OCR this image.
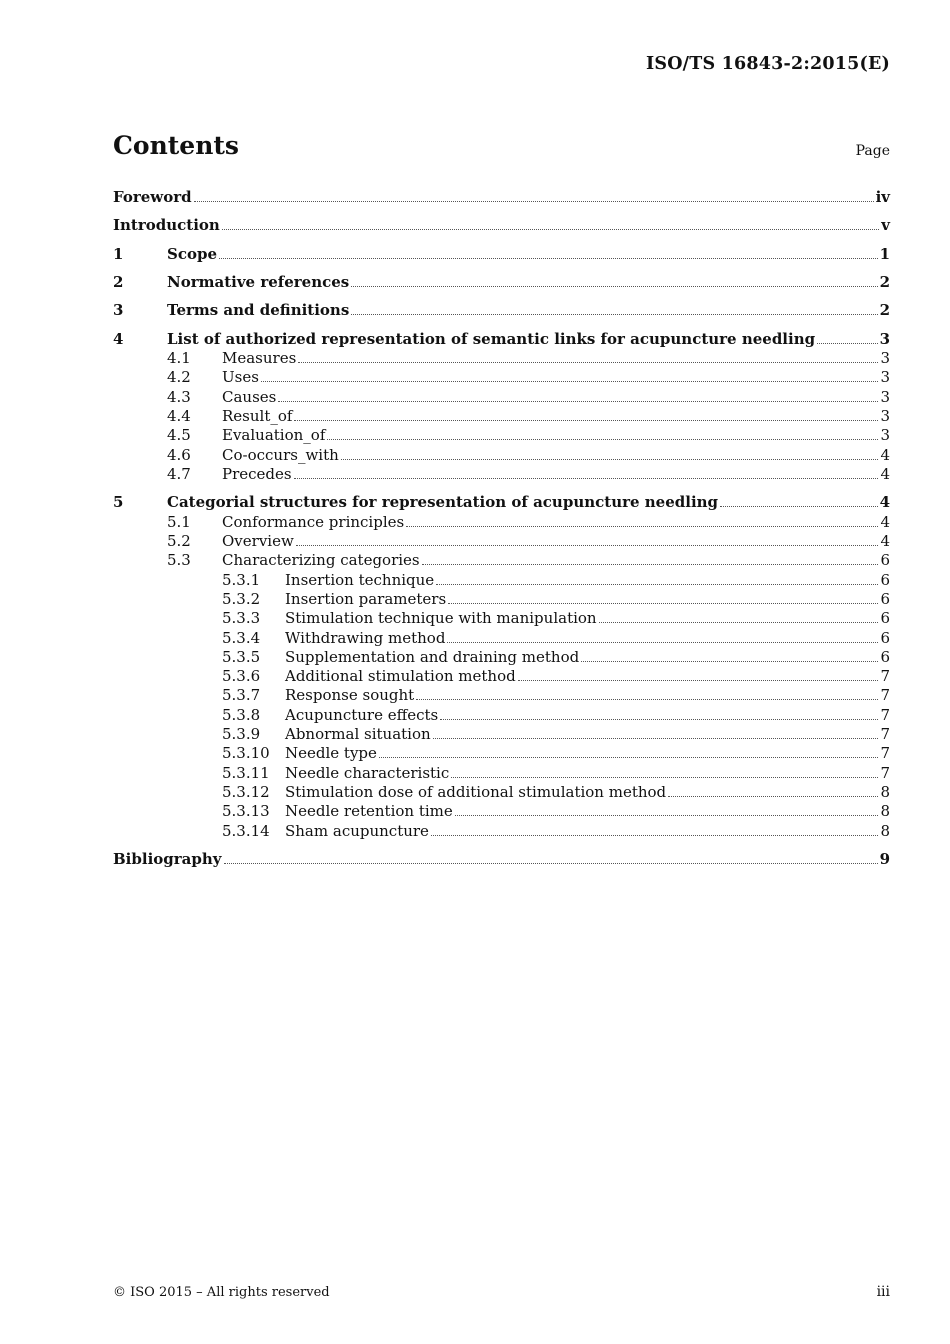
ISO/TS 16843-2:2015(E)
Contents	Page
Foreword	iv
Introduction	v
1	Scope	1
2	Normative references	2
3	Terms and definitions	2
4	List of authorized representation of semantic links for acupuncture needling	3
4.1	Measures	3
4.2	Uses	3
4.3	Causes	3
4.4	Result_of	3
4.5	Evaluation_of	3
4.6	Co-occurs_with	4
4.7	Precedes	4
5	Categorial structures for representation of acupuncture needling	4
5.1	Conformance principles	4
5.2	Overview	4
5.3	Characterizing categories	6
5.3.1	Insertion technique	6
5.3.2	Insertion parameters	6
5.3.3	Stimulation technique with manipulation	6
5.3.4	Withdrawing method	6
5.3.5	Supplementation and draining method	6
5.3.6	Additional stimulation method	7
5.3.7	Response sought	7
5.3.8	Acupuncture effects	7
5.3.9	Abnormal situation	7
5.3.10	Needle type	7
5.3.11	Needle characteristic	7
5.3.12	Stimulation dose of additional stimulation method	8
5.3.13	Needle retention time	8
5.3.14	Sham acupuncture	8
Bibliography	9
© ISO 2015 – All rights reserved	iii
